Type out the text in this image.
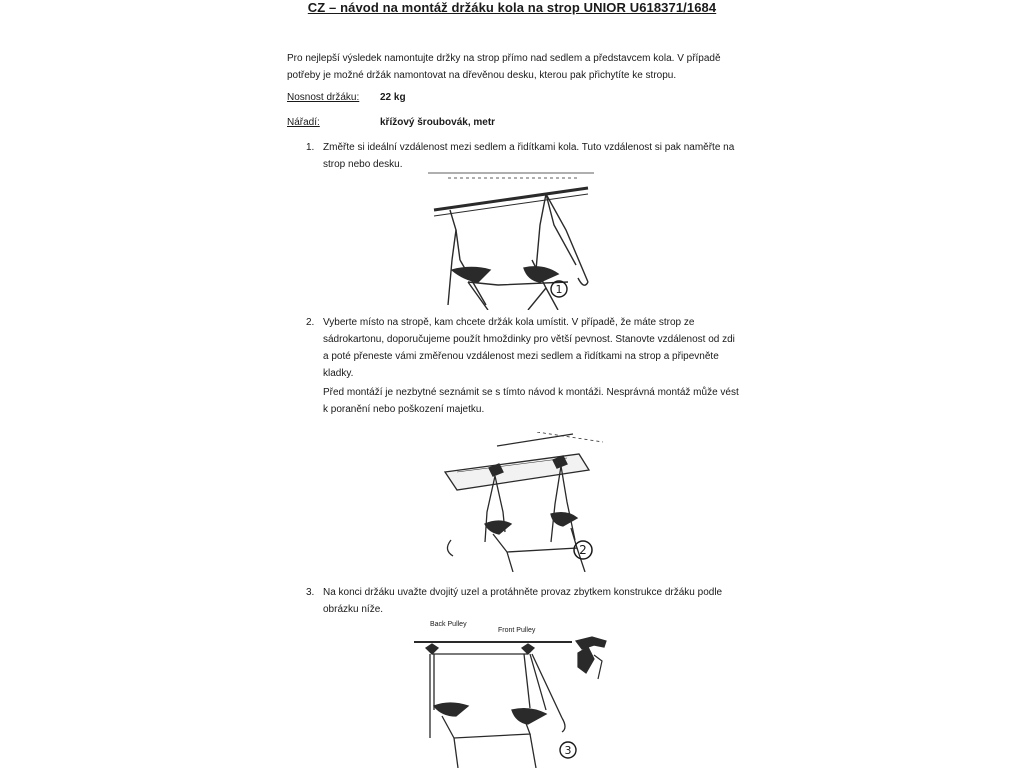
CZ – návod na montáž držáku kola na strop UNIOR U618371/1684
Pro nejlepší výsledek namontujte držky na strop přímo nad sedlem a představcem kola. V případě potřeby je možné držák namontovat na dřevěnou desku, kterou pak přichytíte ke stropu.
Nosnost držáku: 22 kg
Nářadí:	křížový šroubovák, metr
1. Změřte si ideální vzdálenost mezi sedlem a řidítkami kola. Tuto vzdálenost si pak naměřte na strop nebo desku.
1
2. Vyberte místo na stropě, kam chcete držák kola umístit. V případě, že máte strop ze sádrokartonu, doporučujeme použít hmoždinky pro větší pevnost. Stanovte vzdálenost od zdi a poté přeneste vámi změřenou vzdálenost mezi sedlem a řidítkami na strop a připevněte kladky.
Před montáží je nezbytné seznámit se s tímto návod k montáži. Nesprávná montáž může vést k poranění nebo poškození majetku.
2
3. Na konci držáku uvažte dvojitý uzel a protáhněte provaz zbytkem konstrukce držáku podle obrázku níže.
Back Pulley
Front Pulley
3
